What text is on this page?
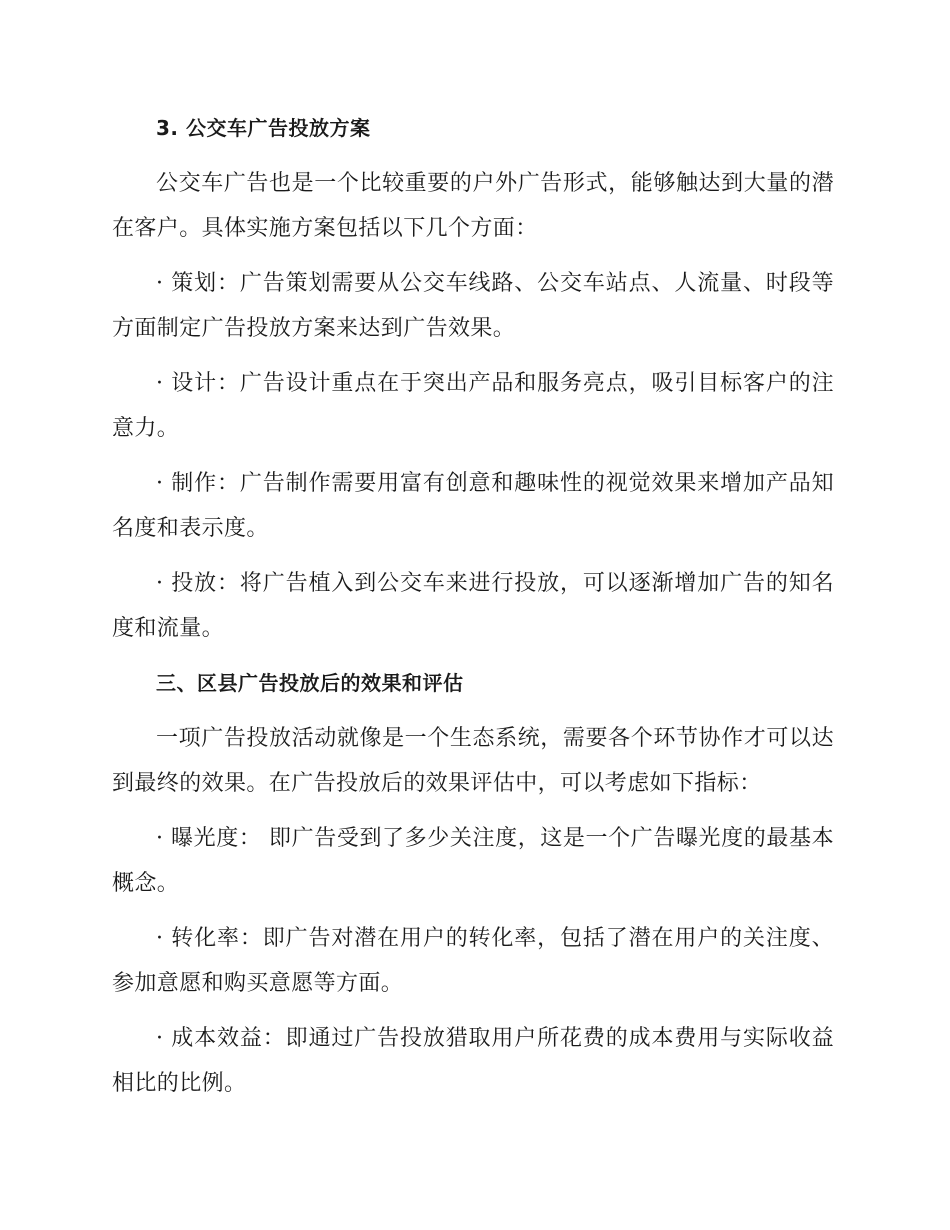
3. 公交车广告投放方案

公交车广告也是一个比较重要的户外广告形式，能够触达到大量的潜在客户。具体实施方案包括以下几个方面：

· 策划：广告策划需要从公交车线路、公交车站点、人流量、时段等方面制定广告投放方案来达到广告效果。

· 设计：广告设计重点在于突出产品和服务亮点，吸引目标客户的注意力。

· 制作：广告制作需要用富有创意和趣味性的视觉效果来增加产品知名度和表示度。

· 投放：将广告植入到公交车来进行投放，可以逐渐增加广告的知名度和流量。

三、区县广告投放后的效果和评估

一项广告投放活动就像是一个生态系统，需要各个环节协作才可以达到最终的效果。在广告投放后的效果评估中，可以考虑如下指标：

· 曝光度： 即广告受到了多少关注度，这是一个广告曝光度的最基本概念。

· 转化率：即广告对潜在用户的转化率，包括了潜在用户的关注度、参加意愿和购买意愿等方面。

· 成本效益：即通过广告投放猎取用户所花费的成本费用与实际收益相比的比例。
